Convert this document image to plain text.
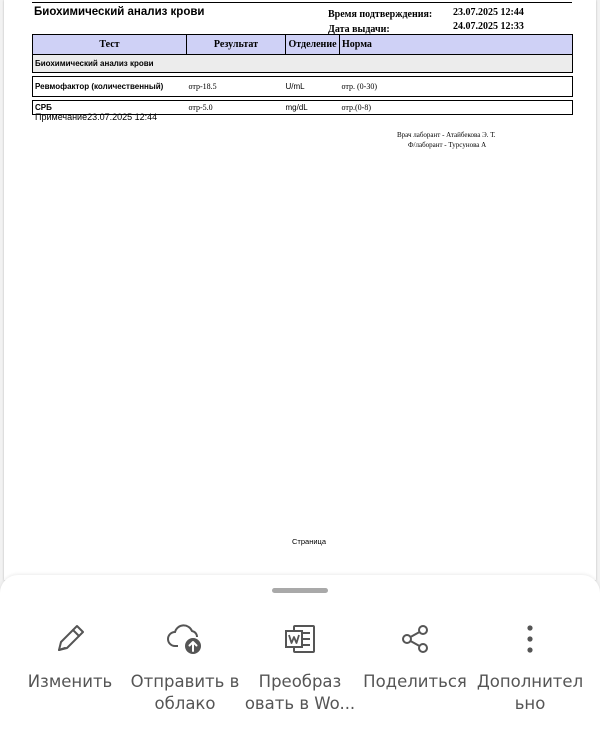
Биохимический анализ крови	Время подтверждения: 23.07.2025 12:44
Дата выдачи:	24.07.2025 12:33
Тест	Результат	Отделение	Норма
Биохимический анализ крови			

Ревмофактор (количественный)	отр-18.5	U/mL	отр. (0-30)

СРБ	отр-5.0	mg/dL	отр.(0-8)
Примечание23.07.2025 12:44
Врач лаборант - Атайбекова Э. Т.
Ф/лаборант - Турсунова А
Страница
Изменить	Отправить в облако
Преобраз овать в Wo...
Поделиться Дополнител ьно
